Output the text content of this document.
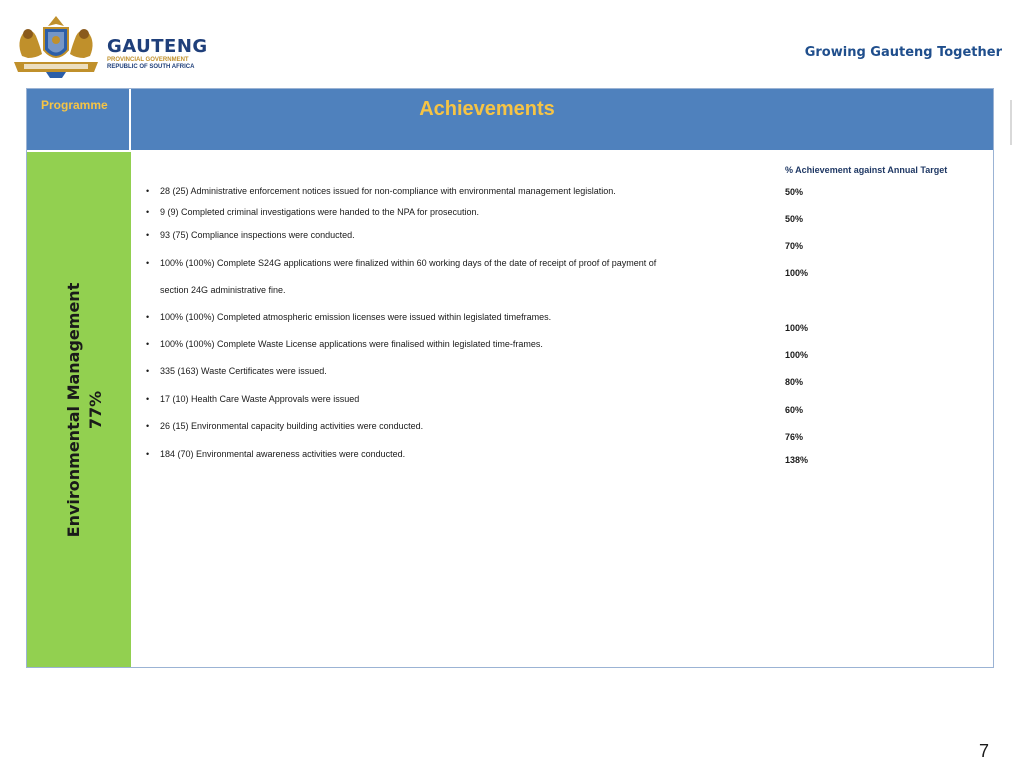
GAUTENG
PROVINCIAL GOVERNMENT
REPUBLIC OF SOUTH AFRICA
Growing Gauteng Together
Programme	Achievements
Environmental Management 77%
% Achievement against Annual Target
• 28 (25) Administrative enforcement notices issued for non-compliance with environmental management legislation.	50%
• 9 (9) Completed criminal investigations were handed to the NPA for prosecution.
50%
• 93 (75) Compliance inspections were conducted.
70%
• 100% (100%) Complete S24G applications were finalized within 60 working days of the date of receipt of proof of payment of
section 24G administrative fine.
100%
• 100% (100%) Completed atmospheric emission licenses were issued within legislated timeframes.
100%
• 100% (100%) Complete Waste License applications were finalised within legislated time-frames.
100%
• 335 (163) Waste Certificates were issued.
80%
• 17 (10) Health Care Waste Approvals were issued
60%
• 26 (15) Environmental capacity building activities were conducted.
76%
• 184 (70) Environmental awareness activities were conducted.
138%
7
